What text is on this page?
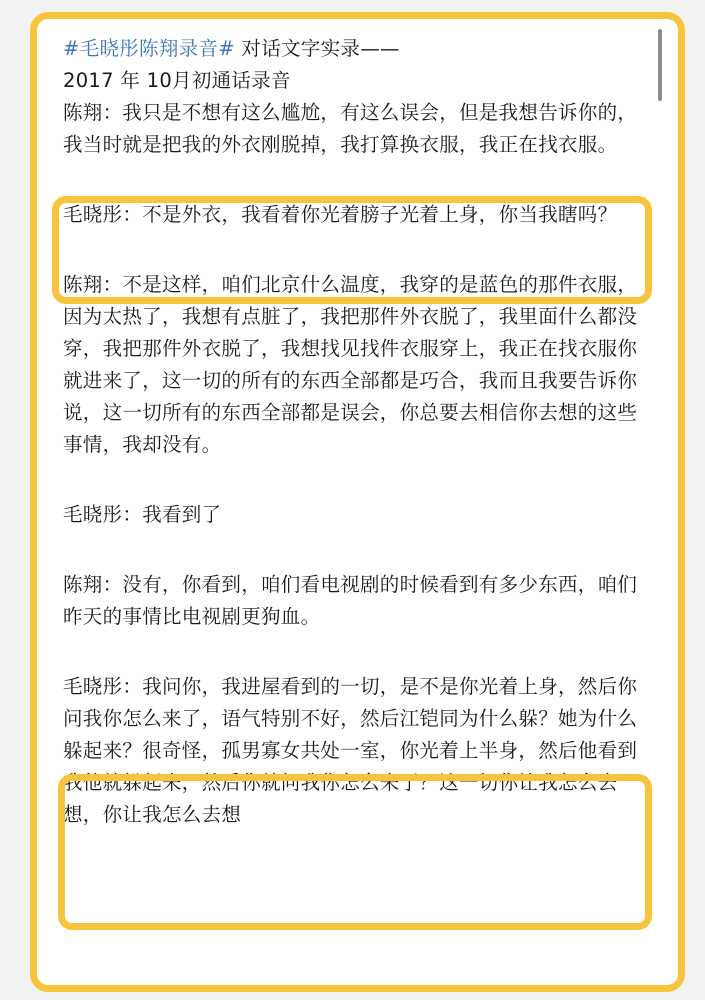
#毛晓彤陈翔录音# 对话文字实录——

2017 年 10月初通话录音

陈翔：我只是不想有这么尴尬，有这么误会，但是我想告诉你的，我当时就是把我的外衣刚脱掉，我打算换衣服，我正在找衣服。

毛晓彤：不是外衣，我看着你光着膀子光着上身，你当我瞎吗？

陈翔：不是这样，咱们北京什么温度，我穿的是蓝色的那件衣服，因为太热了，我想有点脏了，我把那件外衣脱了，我里面什么都没穿，我把那件外衣脱了，我想找见找件衣服穿上，我正在找衣服你就进来了，这一切的所有的东西全部都是巧合，我而且我要告诉你说，这一切所有的东西全部都是误会，你总要去相信你去想的这些事情，我却没有。

毛晓彤：我看到了

陈翔：没有，你看到，咱们看电视剧的时候看到有多少东西，咱们昨天的事情比电视剧更狗血。

毛晓彤：我问你，我进屋看到的一切，是不是你光着上身，然后你问我你怎么来了，语气特别不好，然后江铠同为什么躲？她为什么躲起来？很奇怪，孤男寡女共处一室，你光着上半身，然后他看到我他就躲起来，然后你就问我你怎么来了？这一切你让我怎么去想，你让我怎么去想
